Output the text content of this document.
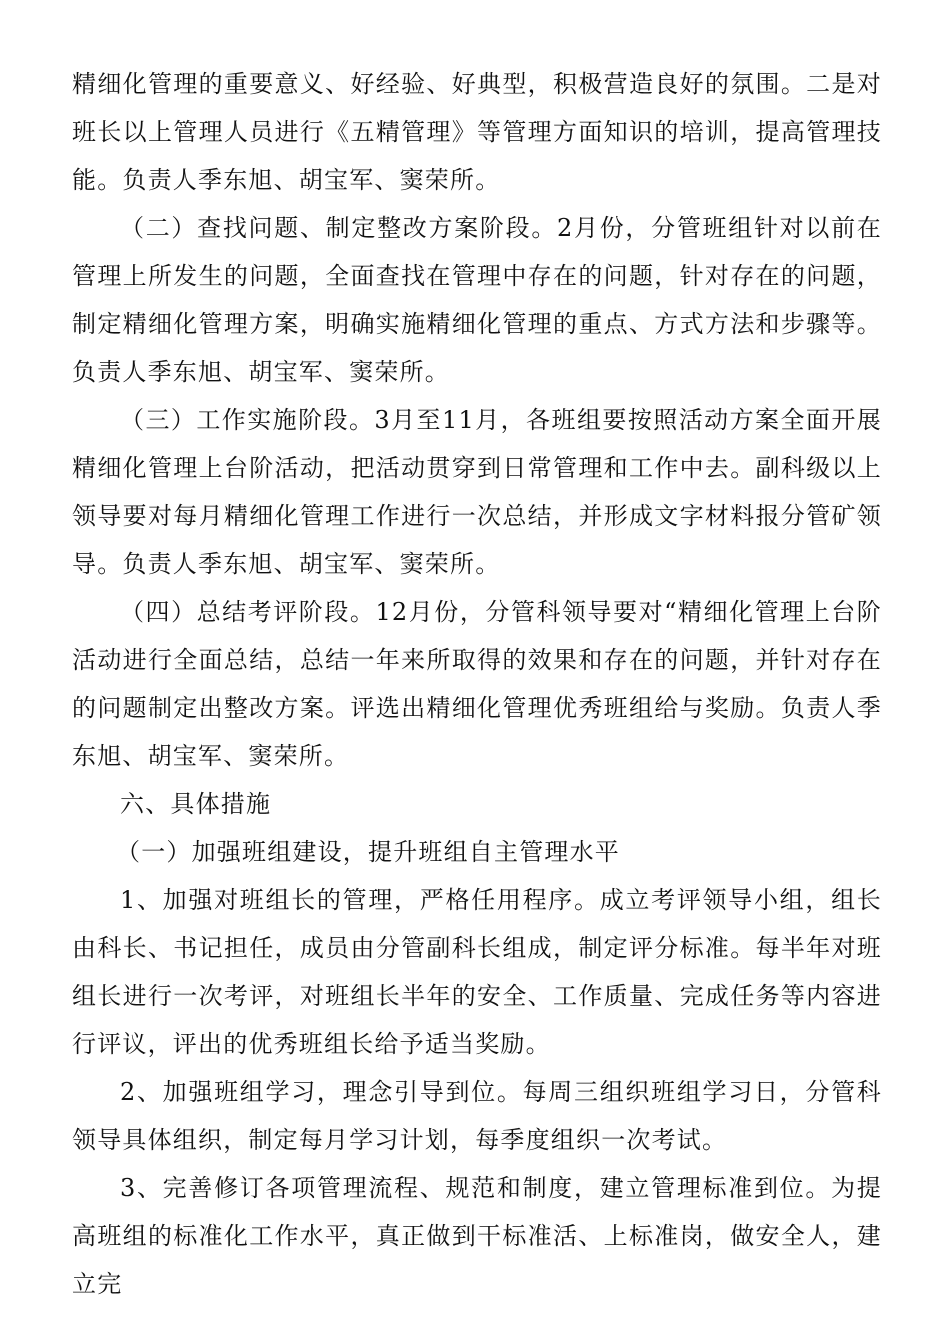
精细化管理的重要意义、好经验、好典型，积极营造良好的氛围。二是对班长以上管理人员进行《五精管理》等管理方面知识的培训，提高管理技能。负责人季东旭、胡宝军、窦荣所。

（二）查找问题、制定整改方案阶段。2月份，分管班组针对以前在管理上所发生的问题，全面查找在管理中存在的问题，针对存在的问题，制定精细化管理方案，明确实施精细化管理的重点、方式方法和步骤等。负责人季东旭、胡宝军、窦荣所。

（三）工作实施阶段。3月至11月，各班组要按照活动方案全面开展精细化管理上台阶活动，把活动贯穿到日常管理和工作中去。副科级以上领导要对每月精细化管理工作进行一次总结，并形成文字材料报分管矿领导。负责人季东旭、胡宝军、窦荣所。

（四）总结考评阶段。12月份，分管科领导要对“精细化管理上台阶活动进行全面总结，总结一年来所取得的效果和存在的问题，并针对存在的问题制定出整改方案。评选出精细化管理优秀班组给与奖励。负责人季东旭、胡宝军、窦荣所。

六、具体措施

（一）加强班组建设，提升班组自主管理水平

1、加强对班组长的管理，严格任用程序。成立考评领导小组，组长由科长、书记担任，成员由分管副科长组成，制定评分标准。每半年对班组长进行一次考评，对班组长半年的安全、工作质量、完成任务等内容进行评议，评出的优秀班组长给予适当奖励。

2、加强班组学习，理念引导到位。每周三组织班组学习日，分管科领导具体组织，制定每月学习计划，每季度组织一次考试。

3、完善修订各项管理流程、规范和制度，建立管理标准到位。为提高班组的标准化工作水平，真正做到干标准活、上标准岗，做安全人，建立完
